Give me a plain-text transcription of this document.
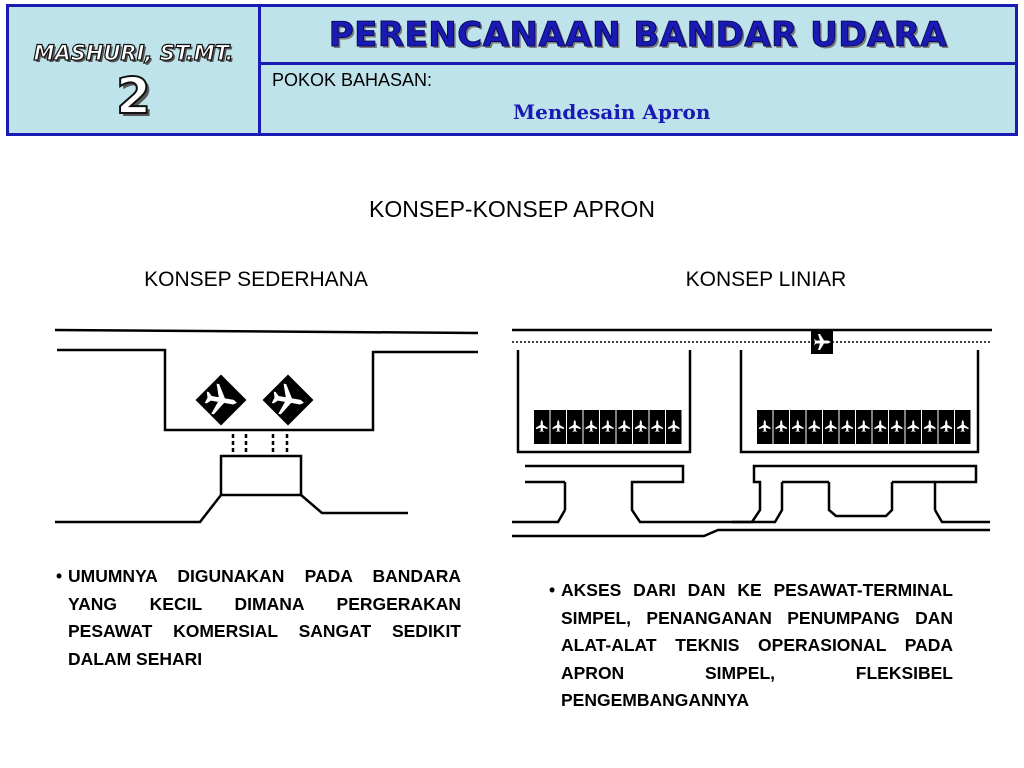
MASHURI, ST.MT.
2
PERENCANAAN BANDAR UDARA
POKOK BAHASAN:
Mendesain Apron
KONSEP-KONSEP APRON
KONSEP SEDERHANA	KONSEP LINIAR
• UMUMNYA DIGUNAKAN PADA BANDARA YANG KECIL DIMANA PERGERAKAN PESAWAT KOMERSIAL SANGAT SEDIKIT DALAM SEHARI
• AKSES DARI DAN KE PESAWAT-TERMINAL SIMPEL, PENANGANAN PENUMPANG DAN ALAT-ALAT TEKNIS OPERASIONAL PADA APRON SIMPEL, FLEKSIBEL PENGEMBANGANNYA
